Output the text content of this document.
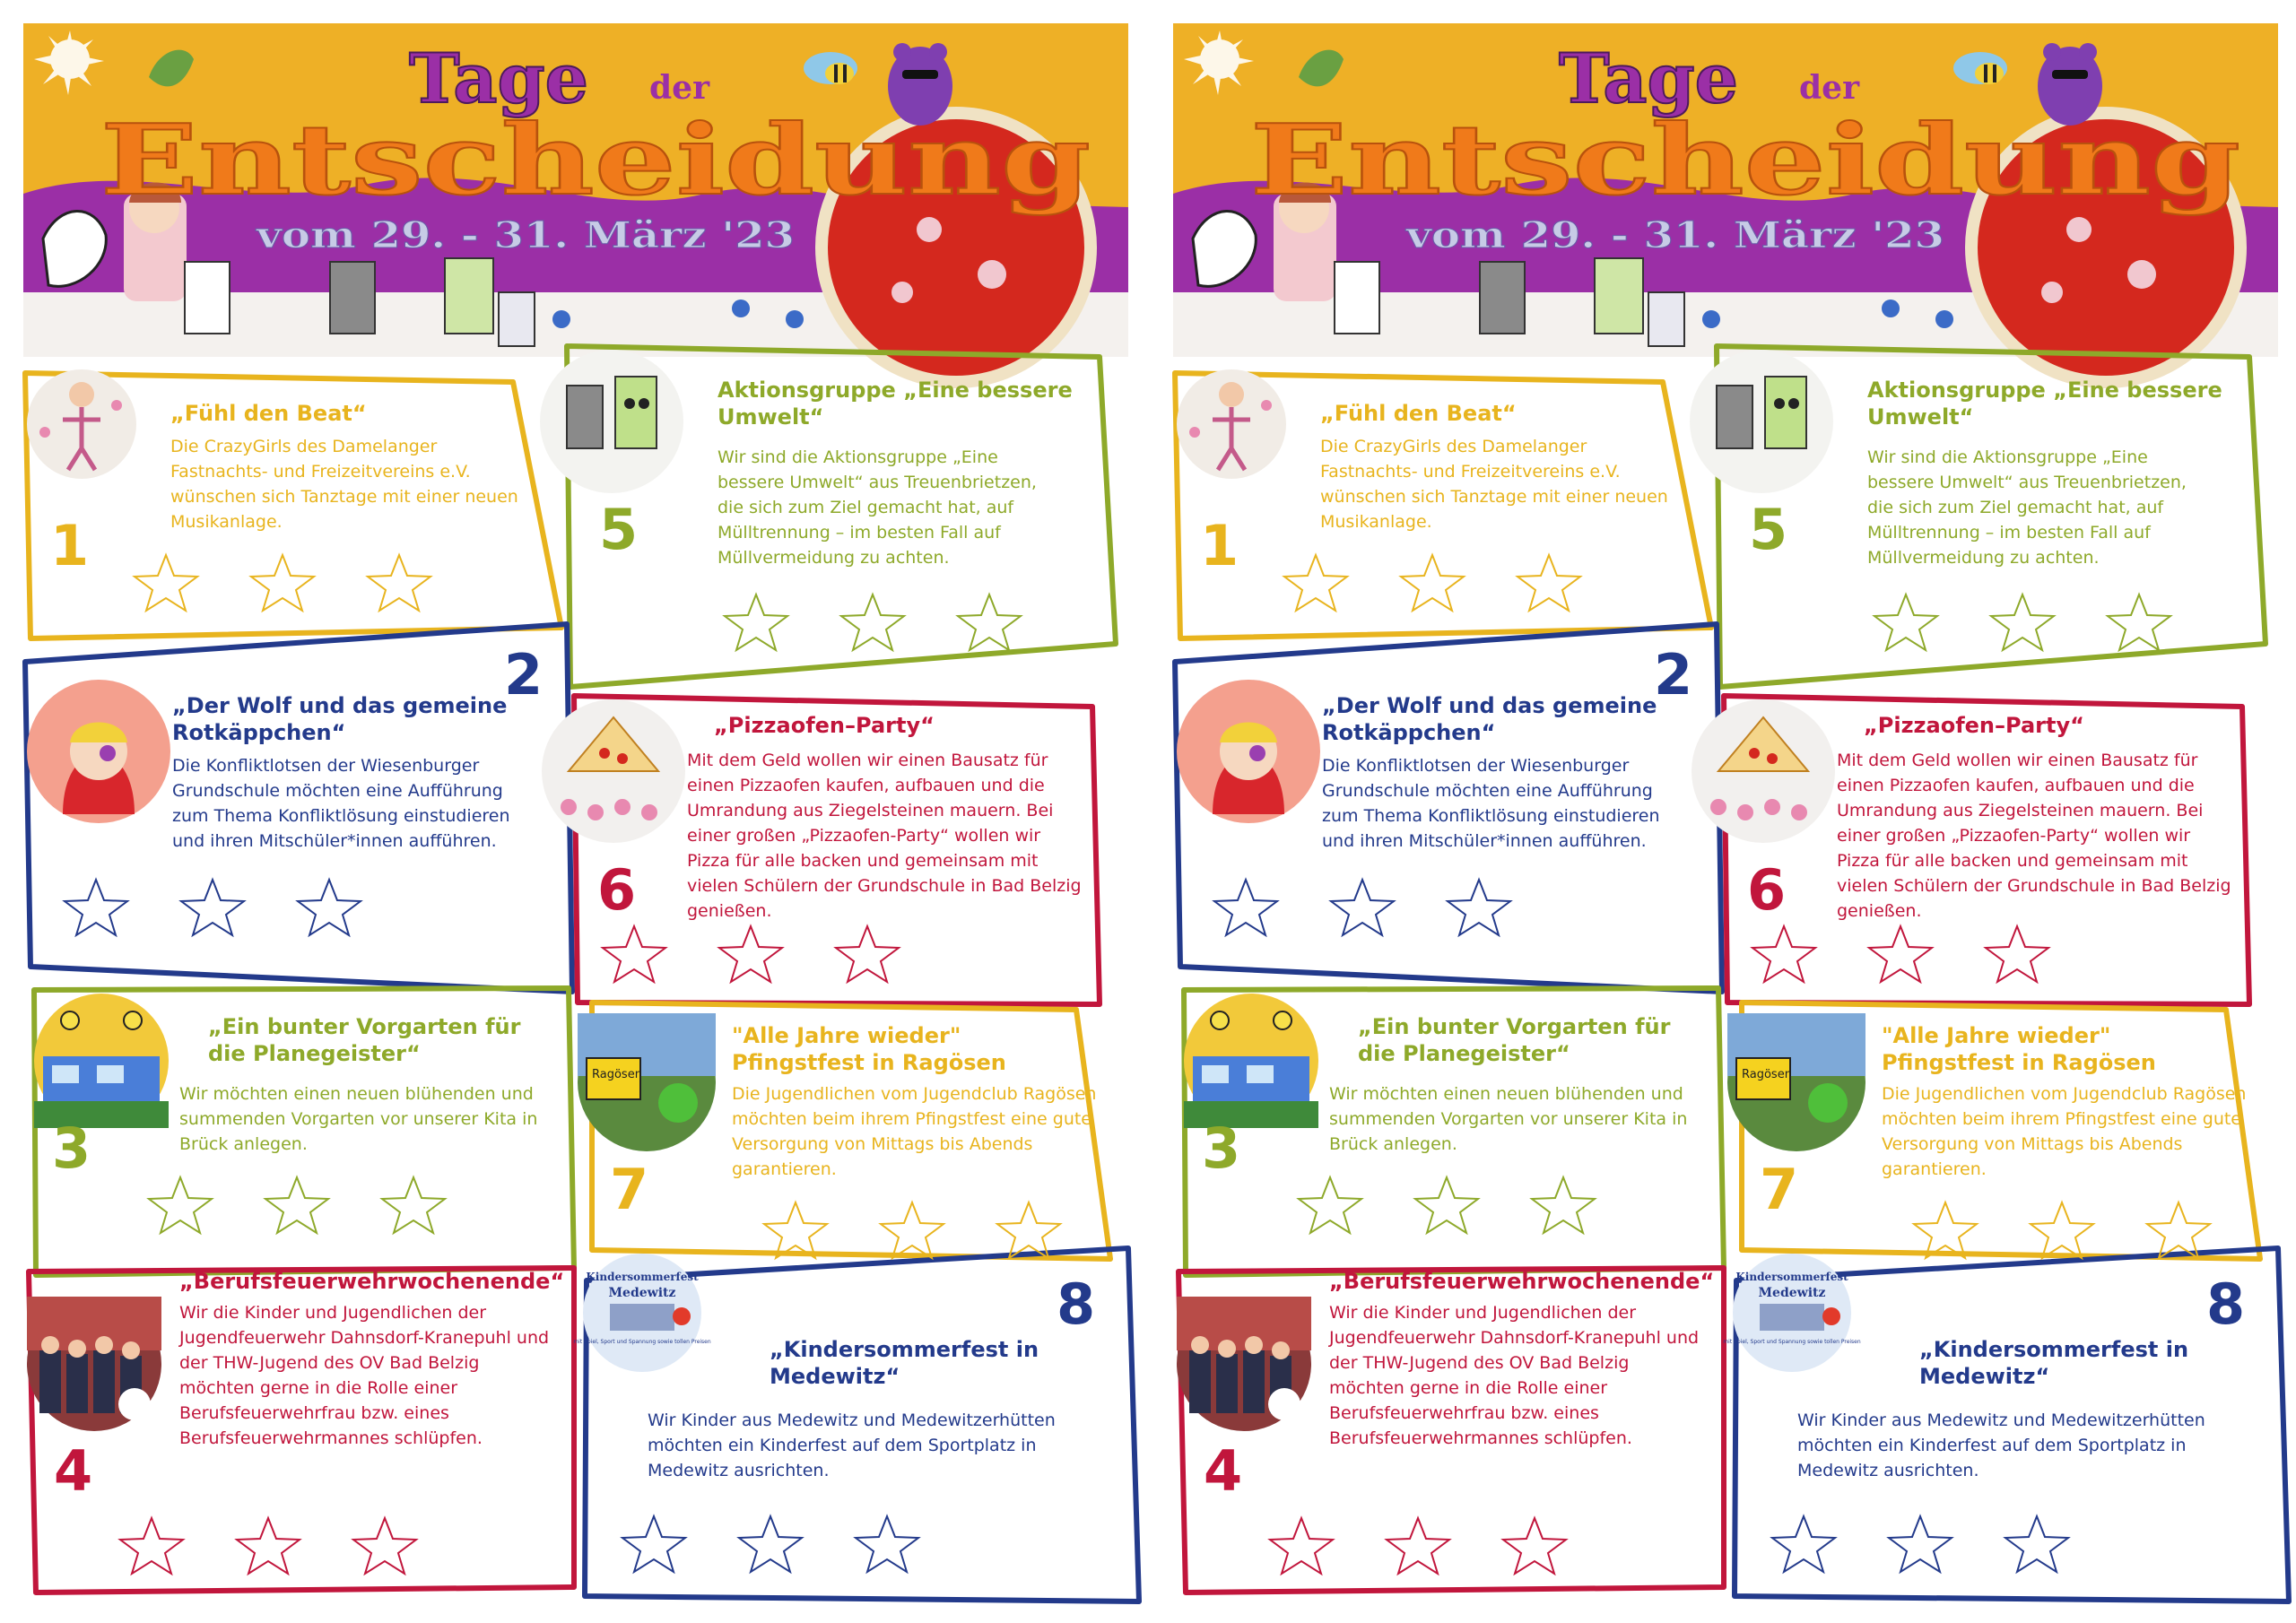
Tage der
Entscheidung
vom 29. - 31. März '23

„Fühl den Beat“

Die CrazyGirls des Damelanger Fastnachts- und Freizeitvereins e.V. wünschen sich Tanztage mit einer neuen Musikanlage.

1

Aktionsgruppe „Eine bessere Umwelt“

Wir sind die Aktionsgruppe „Eine bessere Umwelt“ aus Treuenbrietzen, die sich zum Ziel gemacht hat, auf Mülltrennung – im besten Fall auf Müllvermeidung zu achten.

5

„Der Wolf und das gemeine Rotkäppchen“

Die Konfliktlotsen der Wiesenburger Grundschule möchten eine Aufführung zum Thema Konfliktlösung einstudieren und ihren Mitschüler*innen aufführen.

2

„Pizzaofen–Party“

Mit dem Geld wollen wir einen Bausatz für einen Pizzaofen kaufen, aufbauen und die Umrandung aus Ziegelsteinen mauern. Bei einer großen „Pizzaofen-Party“ wollen wir Pizza für alle backen und gemeinsam mit vielen Schülern der Grundschule in Bad Belzig genießen.

6

„Ein bunter Vorgarten für die Planegeister“

Wir möchten einen neuen blühenden und summenden Vorgarten vor unserer Kita in Brück anlegen.

3
Ragösen

"Alle Jahre wieder" Pfingstfest in Ragösen

Die Jugendlichen vom Jugendclub Ragösen möchten beim ihrem Pfingstfest eine gute Versorgung von Mittags bis Abends garantieren.

7

„Berufsfeuerwehrwochenende“

Wir die Kinder und Jugendlichen der Jugendfeuerwehr Dahnsdorf-Kranepuhl und der THW-Jugend des OV Bad Belzig möchten gerne in die Rolle einer Berufsfeuerwehrfrau bzw. eines Berufsfeuerwehrmannes schlüpfen.

4
Kindersommerfest
Medewitz
mit Spiel, Sport und Spannung sowie tollen Preisen
8

„Kindersommerfest in Medewitz“

Wir Kinder aus Medewitz und Medewitzerhütten möchten ein Kinderfest auf dem Sportplatz in Medewitz ausrichten.

Tage der
Entscheidung
vom 29. - 31. März '23

„Fühl den Beat“

Die CrazyGirls des Damelanger Fastnachts- und Freizeitvereins e.V. wünschen sich Tanztage mit einer neuen Musikanlage.

1

Aktionsgruppe „Eine bessere Umwelt“

Wir sind die Aktionsgruppe „Eine bessere Umwelt“ aus Treuenbrietzen, die sich zum Ziel gemacht hat, auf Mülltrennung – im besten Fall auf Müllvermeidung zu achten.

5

„Der Wolf und das gemeine Rotkäppchen“

Die Konfliktlotsen der Wiesenburger Grundschule möchten eine Aufführung zum Thema Konfliktlösung einstudieren und ihren Mitschüler*innen aufführen.

2

„Pizzaofen–Party“

Mit dem Geld wollen wir einen Bausatz für einen Pizzaofen kaufen, aufbauen und die Umrandung aus Ziegelsteinen mauern. Bei einer großen „Pizzaofen-Party“ wollen wir Pizza für alle backen und gemeinsam mit vielen Schülern der Grundschule in Bad Belzig genießen.

6

„Ein bunter Vorgarten für die Planegeister“

Wir möchten einen neuen blühenden und summenden Vorgarten vor unserer Kita in Brück anlegen.

3
Ragösen

"Alle Jahre wieder" Pfingstfest in Ragösen

Die Jugendlichen vom Jugendclub Ragösen möchten beim ihrem Pfingstfest eine gute Versorgung von Mittags bis Abends garantieren.

7

„Berufsfeuerwehrwochenende“

Wir die Kinder und Jugendlichen der Jugendfeuerwehr Dahnsdorf-Kranepuhl und der THW-Jugend des OV Bad Belzig möchten gerne in die Rolle einer Berufsfeuerwehrfrau bzw. eines Berufsfeuerwehrmannes schlüpfen.

4
Kindersommerfest
Medewitz
mit Spiel, Sport und Spannung sowie tollen Preisen
8

„Kindersommerfest in Medewitz“

Wir Kinder aus Medewitz und Medewitzerhütten möchten ein Kinderfest auf dem Sportplatz in Medewitz ausrichten.
